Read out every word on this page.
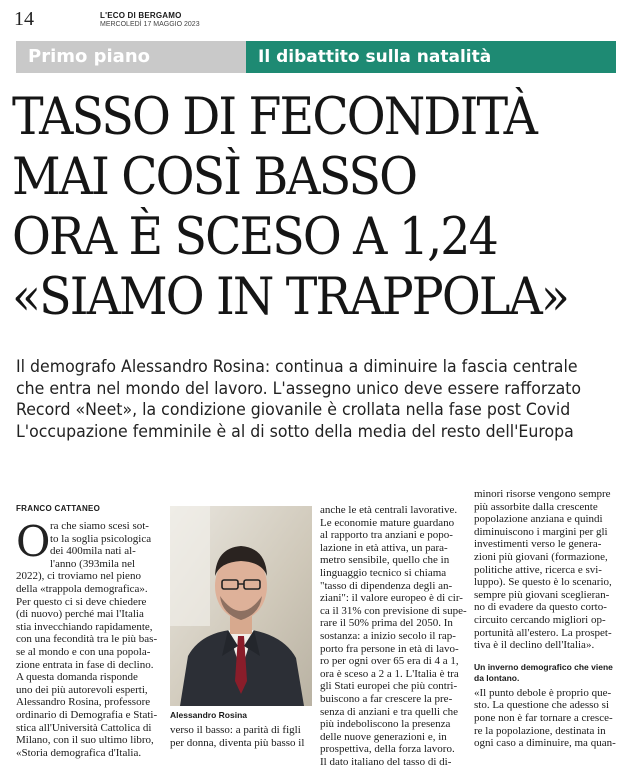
14	L'ECO DI BERGAMO
MERCOLEDÌ 17 MAGGIO 2023
Primo piano	Il dibattito sulla natalità
TASSO DI FECONDITÀ
MAI COSÌ BASSO
ORA È SCESO A 1,24
«SIAMO IN TRAPPOLA»
Il demografo Alessandro Rosina: continua a diminuire la fascia centrale
che entra nel mondo del lavoro. L'assegno unico deve essere rafforzato
Record «Neet», la condizione giovanile è crollata nella fase post Covid
L'occupazione femminile è al di sotto della media del resto dell'Europa
FRANCO CATTANEO
O ra che siamo scesi sot-

to la soglia psicologica

dei 400mila nati al-

l'anno (393mila nel

2022), ci troviamo nel pieno

della «trappola demografica».

Per questo ci si deve chiedere

(di nuovo) perché mai l'Italia

stia invecchiando rapidamente,

con una fecondità tra le più bas-

se al mondo e con una popola-

zione entrata in fase di declino.

A questa domanda risponde

uno dei più autorevoli esperti,

Alessandro Rosina, professore

ordinario di Demografia e Stati-

stica all'Università Cattolica di

Milano, con il suo ultimo libro,

«Storia demografica d'Italia.

Alessandro Rosina

verso il basso: a parità di figli

per donna, diventa più basso il

anche le età centrali lavorative.

Le economie mature guardano

al rapporto tra anziani e popo-

lazione in età attiva, un para-

metro sensibile, quello che in

linguaggio tecnico si chiama

"tasso di dipendenza degli an-

ziani": il valore europeo è di cir-

ca il 31% con previsione di supe-

rare il 50% prima del 2050. In

sostanza: a inizio secolo il rap-

porto fra persone in età di lavo-

ro per ogni over 65 era di 4 a 1,

ora è sceso a 2 a 1. L'Italia è tra

gli Stati europei che più contri-

buiscono a far crescere la pre-

senza di anziani e tra quelli che

più indeboliscono la presenza

delle nuove generazioni e, in

prospettiva, della forza lavoro.

Il dato italiano del tasso di di-

minori risorse vengono sempre

più assorbite dalla crescente

popolazione anziana e quindi

diminuiscono i margini per gli

investimenti verso le genera-

zioni più giovani (formazione,

politiche attive, ricerca e svi-

luppo). Se questo è lo scenario,

sempre più giovani sceglieran-

no di evadere da questo corto-

circuito cercando migliori op-

portunità all'estero. La prospet-

tiva è il declino dell'Italia».

Un inverno demografico che viene

da lontano.

«Il punto debole è proprio que-

sto. La questione che adesso si

pone non è far tornare a cresce-

re la popolazione, destinata in

ogni caso a diminuire, ma quan-
